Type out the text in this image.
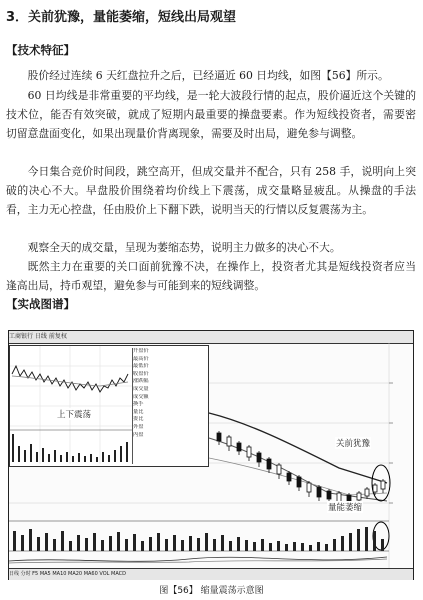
3．关前犹豫，量能萎缩，短线出局观望
【技术特征】
股价经过连续 6 天红盘拉升之后，已经逼近 60 日均线，如图【56】所示。
60 日均线是非常重要的平均线，是一轮大波段行情的起点，股价逼近这个关键的技术位，能否有效突破，就成了短期内最重要的操盘要素。作为短线投资者，需要密切留意盘面变化，如果出现量价背离现象，需要及时出局，避免参与调整。
今日集合竞价时间段，跳空高开，但成交量并不配合，只有 258 手，说明向上突破的决心不大。早盘股价围绕着均价线上下震荡，成交量略显疲乱。从操盘的手法看，主力无心控盘，任由股价上下翻下跌，说明当天的行情以反复震荡为主。
观察全天的成交量，呈现为萎缩态势，说明主力做多的决心不大。
既然主力在重要的关口面前犹豫不决，在操作上，投资者尤其是短线投资者应当逢高出局，持币观望，避免参与可能到来的短线调整。
【实战图谱】
工商银行 日线 前复权
上下震荡
开盘价
最高价
最低价
收盘价
涨跌幅
成交量
成交额
换手
量比
委比
外盘
内盘
关前犹豫
量能萎缩
日线 分时 F5 MA5 MA10 MA20 MA60 VOL MACD
图【56】 缩量震荡示意图
